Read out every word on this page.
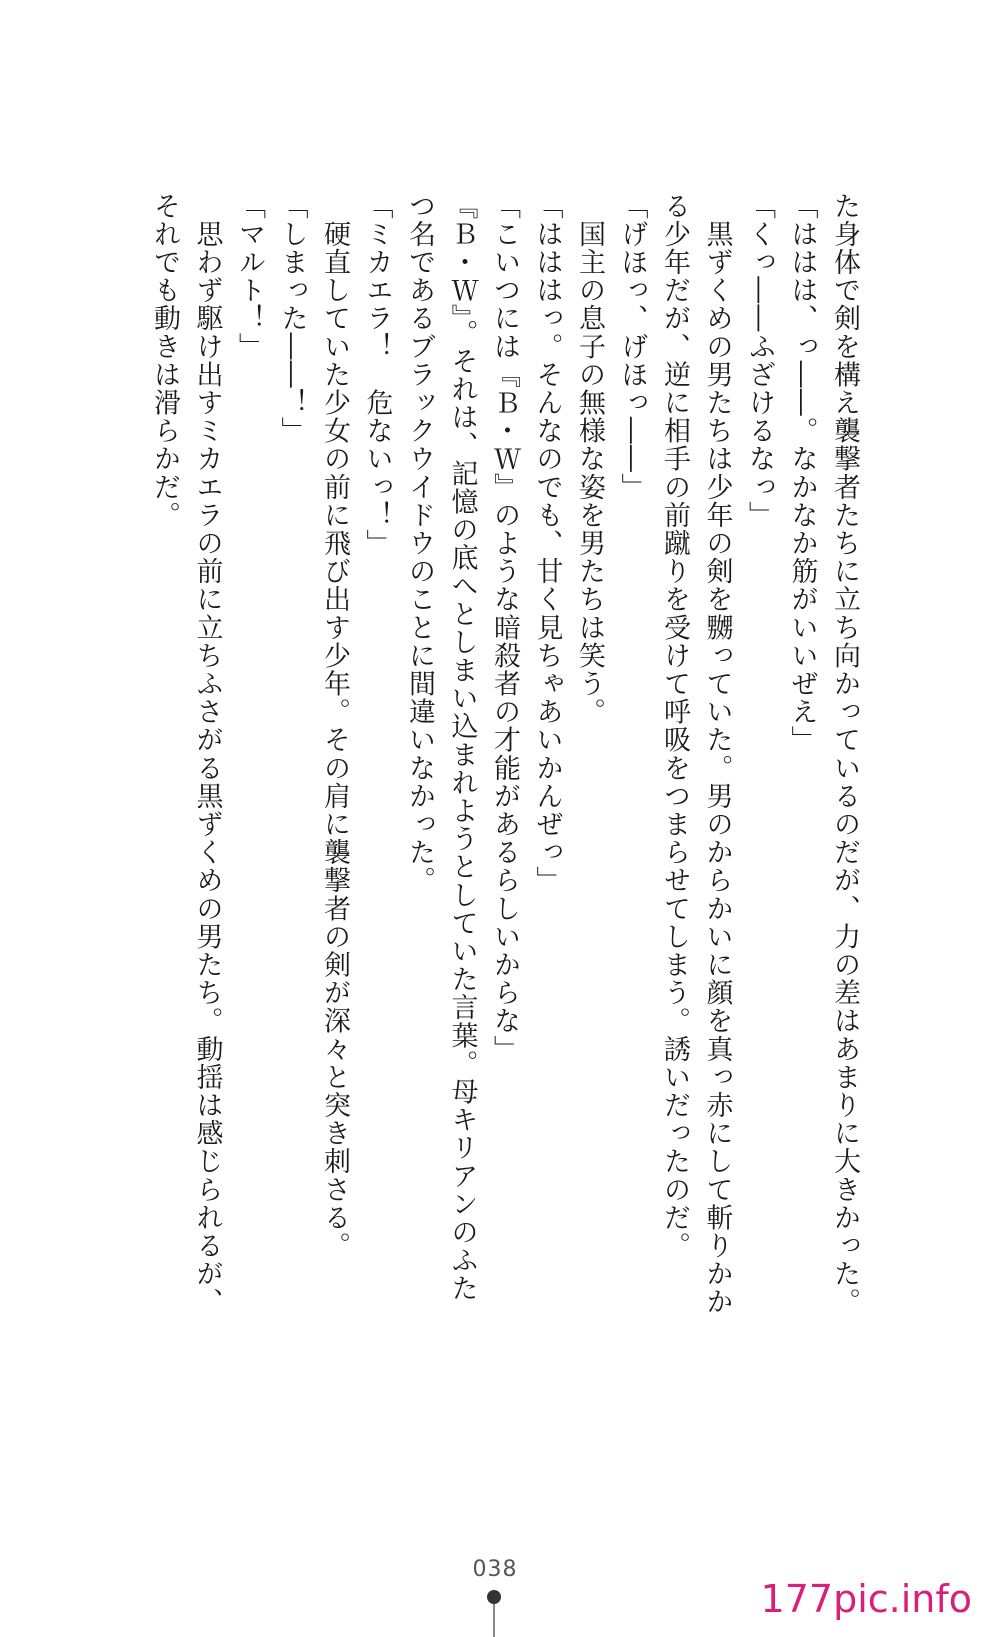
た身体で剣を構え襲撃者たちに立ち向かっているのだが、力の差はあまりに大きかった。

「ははは、っ――。なかなか筋がいいぜえ」

「くっ――ふざけるなっ」

　黒ずくめの男たちは少年の剣を嬲っていた。男のからかいに顔を真っ赤にして斬りかか

る少年だが、逆に相手の前蹴りを受けて呼吸をつまらせてしまう。誘いだったのだ。

「げほっ、げほっ――」

　国主の息子の無様な姿を男たちは笑う。

「はははっ。そんなのでも、甘く見ちゃあいかんぜっ」

「こいつには『Ｂ・Ｗ』のような暗殺者の才能があるらしいからな」

『Ｂ・Ｗ』。それは、記憶の底へとしまい込まれようとしていた言葉。母キリアンのふた

つ名であるブラックウイドウのことに間違いなかった。

「ミカエラ！　危ないっ！」

　硬直していた少女の前に飛び出す少年。その肩に襲撃者の剣が深々と突き刺さる。

「しまった――！」

「マルト！」

　思わず駆け出すミカエラの前に立ちふさがる黒ずくめの男たち。動揺は感じられるが、

それでも動きは滑らかだ。

038
177pic.info
